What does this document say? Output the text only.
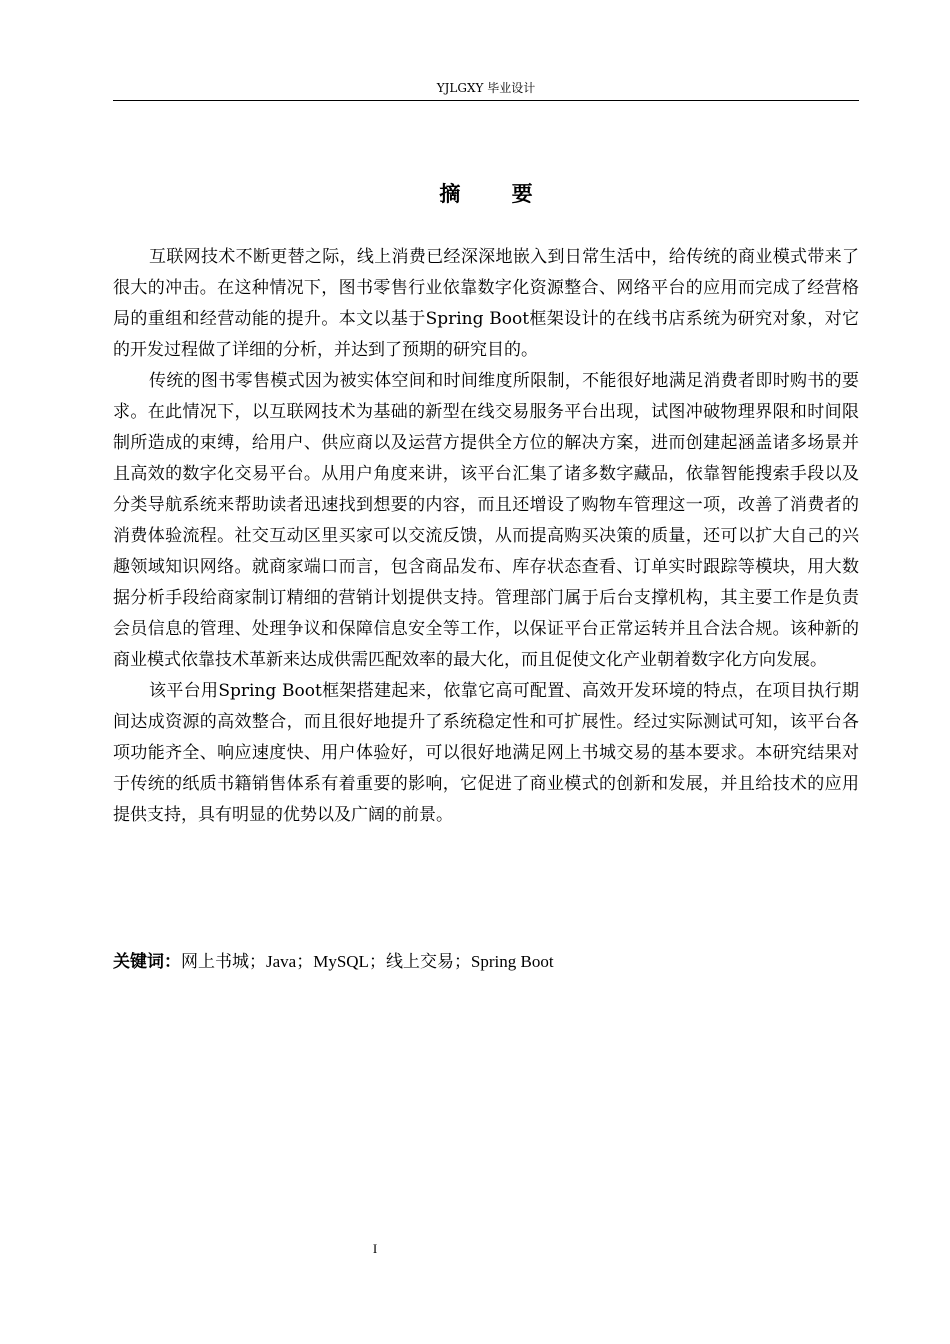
YJLGXY 毕业设计
摘 要

互联网技术不断更替之际，线上消费已经深深地嵌入到日常生活中，给传统的商业模式带来了很大的冲击。在这种情况下，图书零售行业依靠数字化资源整合、网络平台的应用而完成了经营格局的重组和经营动能的提升。本文以基于Spring Boot框架设计的在线书店系统为研究对象，对它的开发过程做了详细的分析，并达到了预期的研究目的。

传统的图书零售模式因为被实体空间和时间维度所限制，不能很好地满足消费者即时购书的要求。在此情况下，以互联网技术为基础的新型在线交易服务平台出现，试图冲破物理界限和时间限制所造成的束缚，给用户、供应商以及运营方提供全方位的解决方案，进而创建起涵盖诸多场景并且高效的数字化交易平台。从用户角度来讲，该平台汇集了诸多数字藏品，依靠智能搜索手段以及分类导航系统来帮助读者迅速找到想要的内容，而且还增设了购物车管理这一项，改善了消费者的消费体验流程。社交互动区里买家可以交流反馈，从而提高购买决策的质量，还可以扩大自己的兴趣领域知识网络。就商家端口而言，包含商品发布、库存状态查看、订单实时跟踪等模块，用大数据分析手段给商家制订精细的营销计划提供支持。管理部门属于后台支撑机构，其主要工作是负责会员信息的管理、处理争议和保障信息安全等工作，以保证平台正常运转并且合法合规。该种新的商业模式依靠技术革新来达成供需匹配效率的最大化，而且促使文化产业朝着数字化方向发展。

该平台用Spring Boot框架搭建起来，依靠它高可配置、高效开发环境的特点，在项目执行期间达成资源的高效整合，而且很好地提升了系统稳定性和可扩展性。经过实际测试可知，该平台各项功能齐全、响应速度快、用户体验好，可以很好地满足网上书城交易的基本要求。本研究结果对于传统的纸质书籍销售体系有着重要的影响，它促进了商业模式的创新和发展，并且给技术的应用提供支持，具有明显的优势以及广阔的前景。

关键词：网上书城；Java；MySQL；线上交易；Spring Boot
I
